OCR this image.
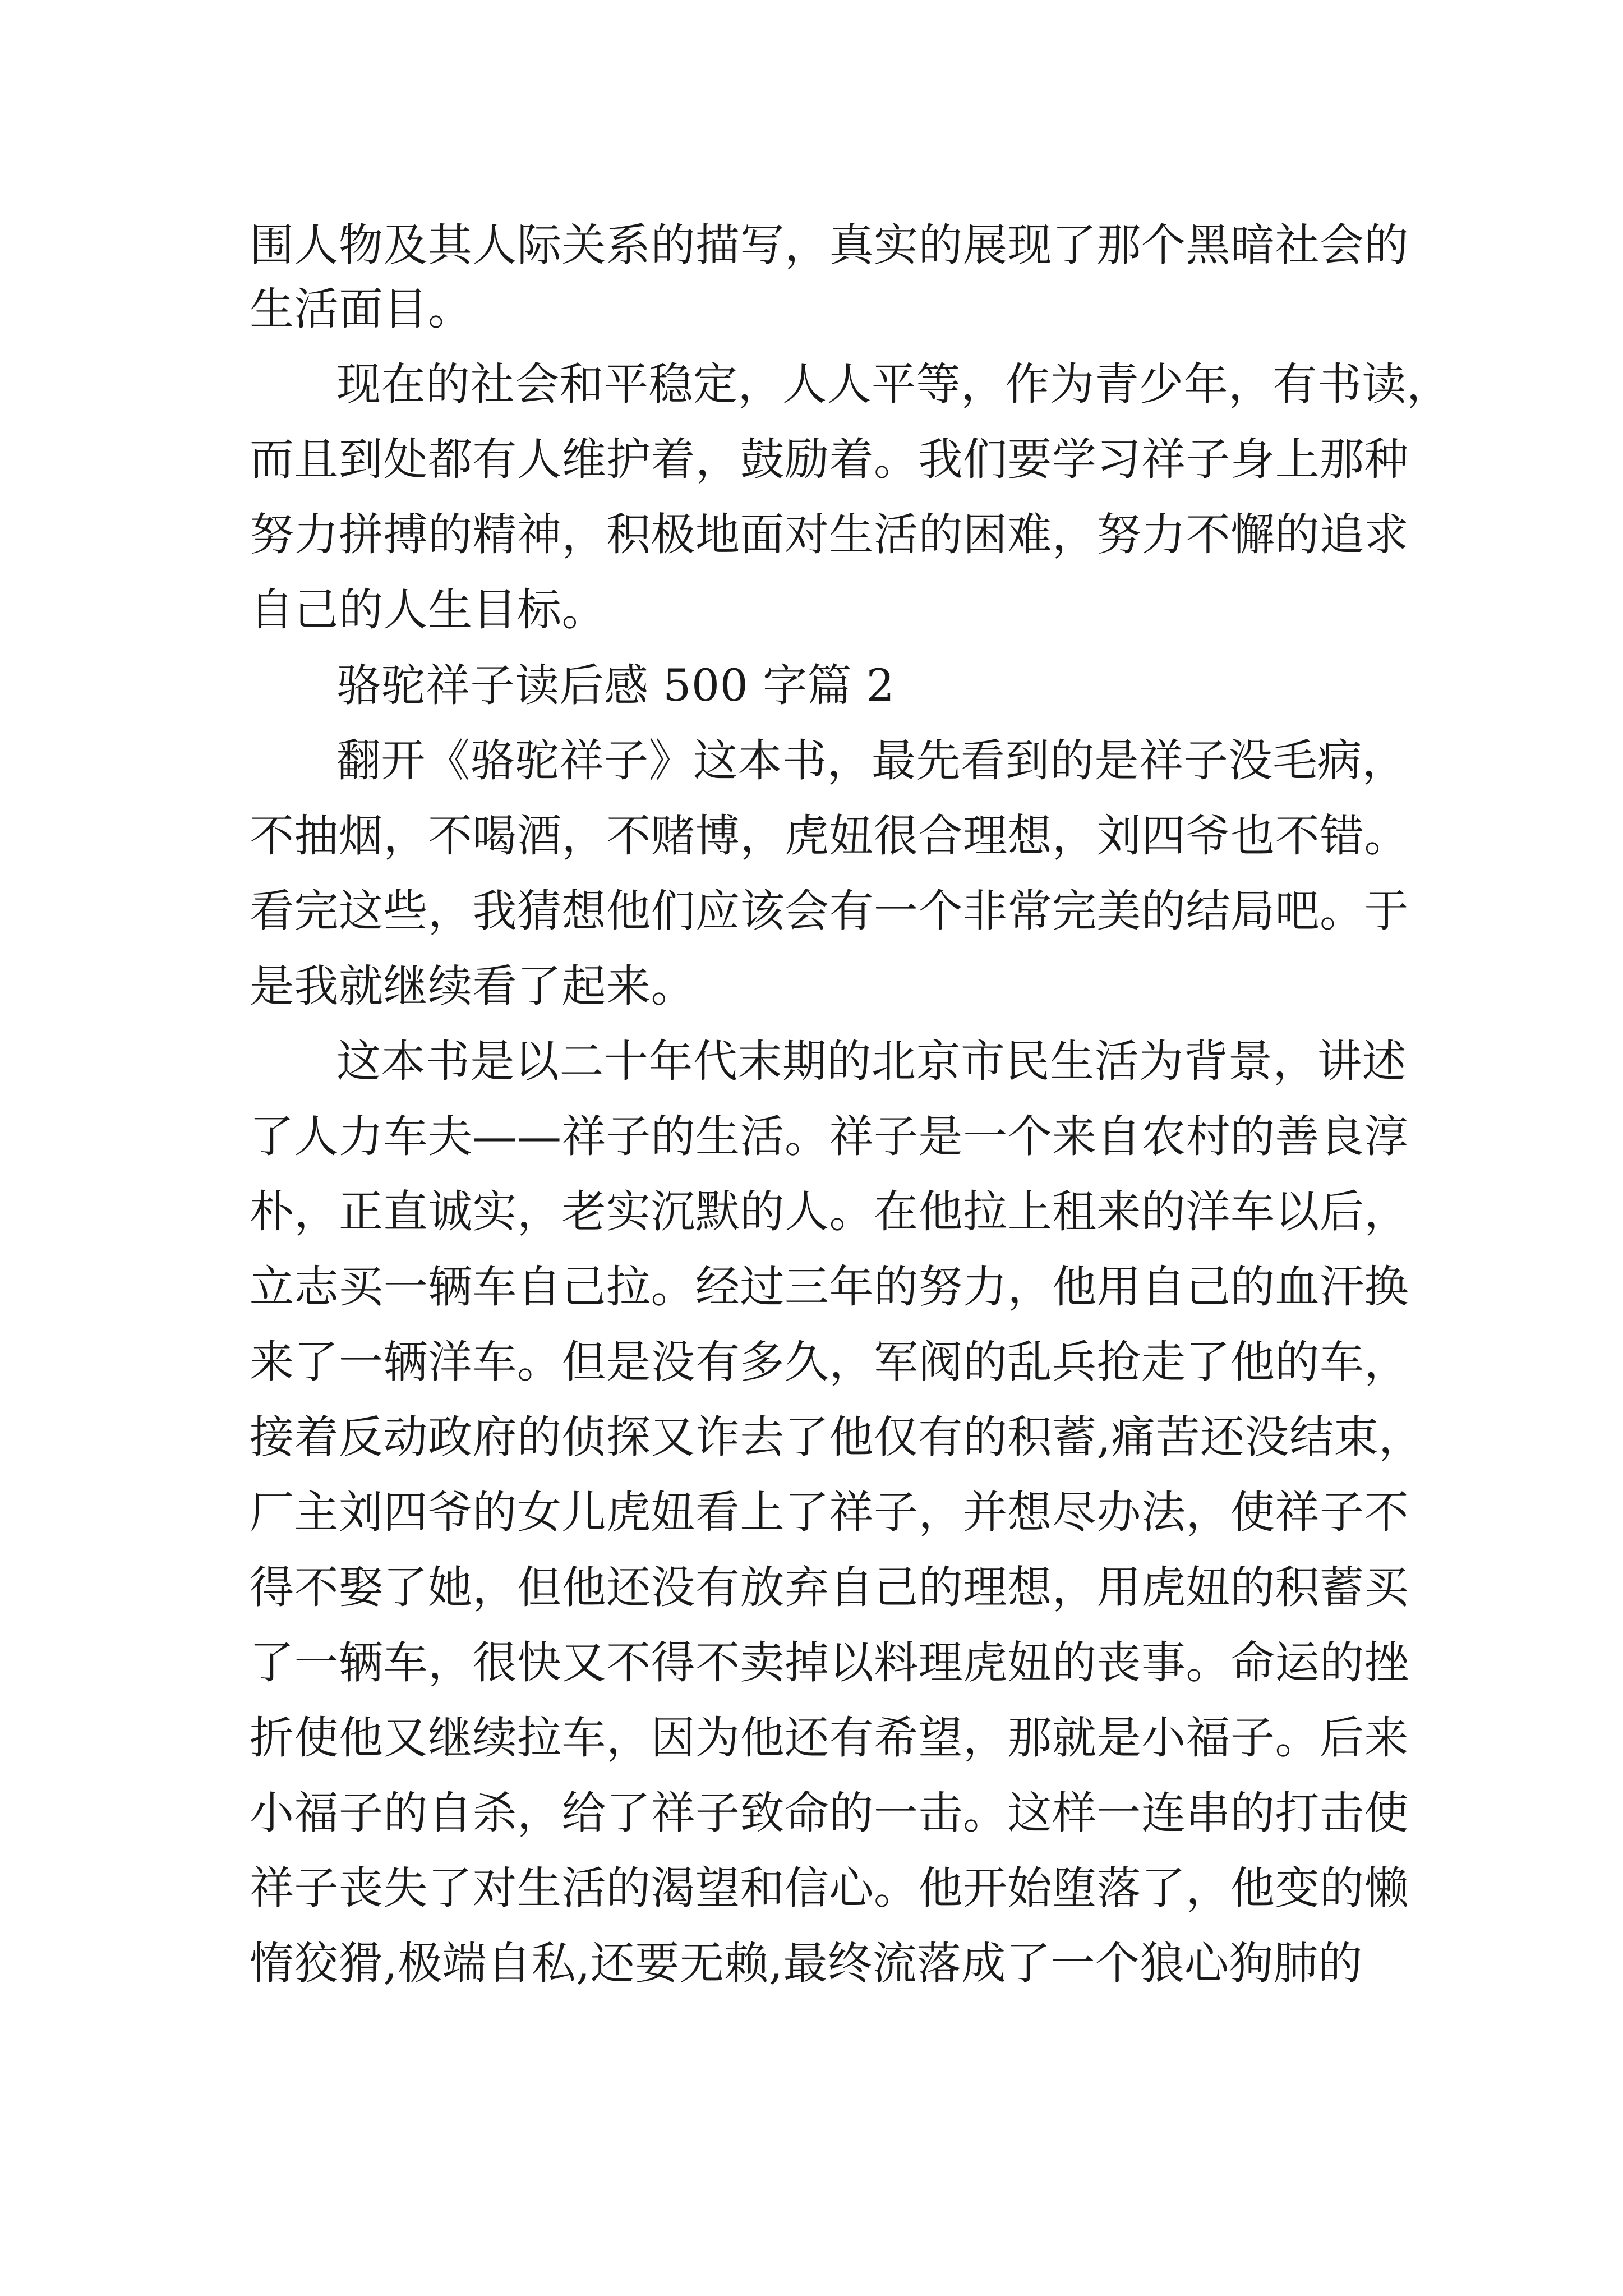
围人物及其人际关系的描写，真实的展现了那个黑暗社会的
生活面目。
现在的社会和平稳定，人人平等，作为青少年，有书读，
而且到处都有人维护着，鼓励着。我们要学习祥子身上那种
努力拼搏的精神，积极地面对生活的困难，努力不懈的追求
自己的人生目标。
骆驼祥子读后感 500 字篇 2
翻开《骆驼祥子》这本书，最先看到的是祥子没毛病，
不抽烟，不喝酒，不赌博，虎妞很合理想，刘四爷也不错。
看完这些，我猜想他们应该会有一个非常完美的结局吧。于
是我就继续看了起来。
这本书是以二十年代末期的北京市民生活为背景，讲述
了人力车夫——祥子的生活。祥子是一个来自农村的善良淳
朴，正直诚实，老实沉默的人。在他拉上租来的洋车以后，
立志买一辆车自己拉。经过三年的努力，他用自己的血汗换
来了一辆洋车。但是没有多久，军阀的乱兵抢走了他的车，
接着反动政府的侦探又诈去了他仅有的积蓄,痛苦还没结束，
厂主刘四爷的女儿虎妞看上了祥子，并想尽办法，使祥子不
得不娶了她，但他还没有放弃自己的理想，用虎妞的积蓄买
了一辆车，很快又不得不卖掉以料理虎妞的丧事。命运的挫
折使他又继续拉车，因为他还有希望，那就是小福子。后来
小福子的自杀，给了祥子致命的一击。这样一连串的打击使
祥子丧失了对生活的渴望和信心。他开始堕落了，他变的懒
惰狡猾,极端自私,还要无赖,最终流落成了一个狼心狗肺的
